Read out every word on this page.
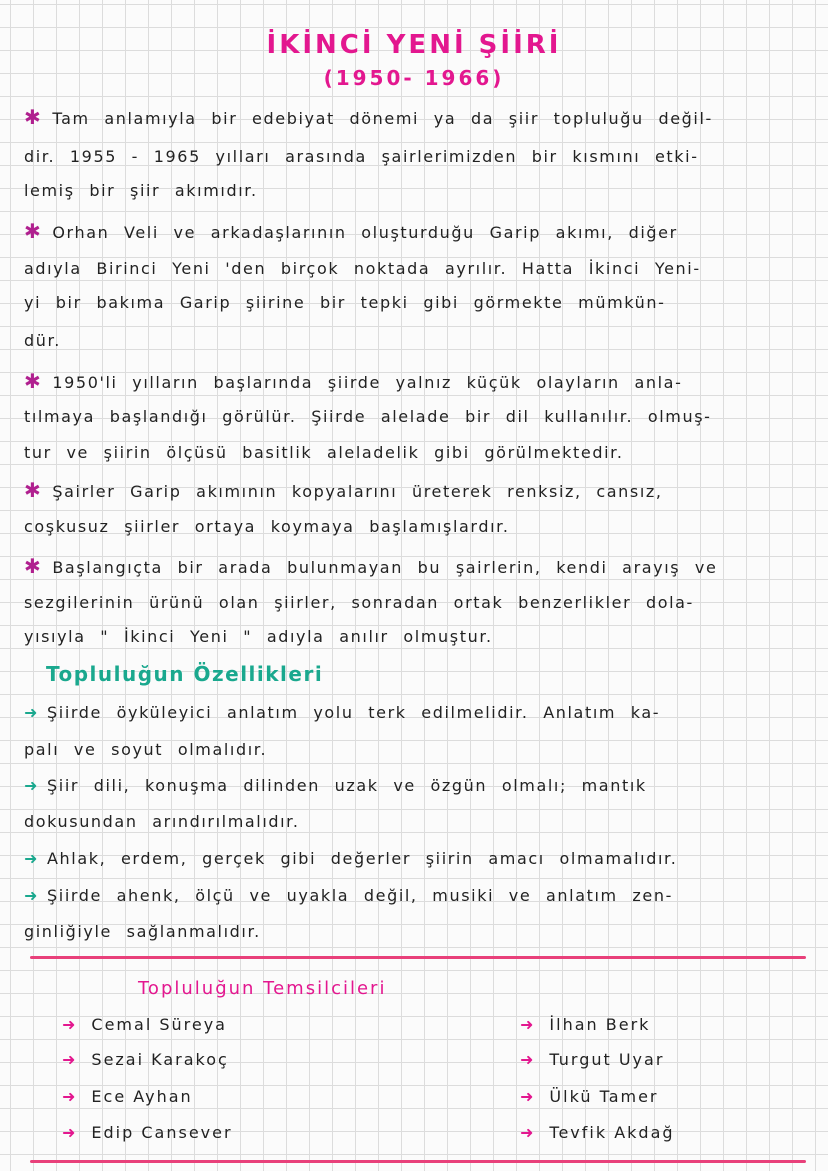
İKİNCİ YENİ ŞİİRİ
(1950- 1966)
✱ Tam anlamıyla bir edebiyat dönemi ya da şiir topluluğu değil-
dir. 1955 - 1965 yılları arasında şairlerimizden bir kısmını etki-
lemiş bir şiir akımıdır.
✱ Orhan Veli ve arkadaşlarının oluşturduğu Garip akımı, diğer
adıyla Birinci Yeni 'den birçok noktada ayrılır. Hatta İkinci Yeni-
yi bir bakıma Garip şiirine bir tepki gibi görmekte mümkün-
dür.
✱ 1950'li yılların başlarında şiirde yalnız küçük olayların anla-
tılmaya başlandığı görülür. Şiirde alelade bir dil kullanılır. olmuş-
tur ve şiirin ölçüsü basitlik aleladelik gibi görülmektedir.
✱ Şairler Garip akımının kopyalarını üreterek renksiz, cansız,
coşkusuz şiirler ortaya koymaya başlamışlardır.
✱ Başlangıçta bir arada bulunmayan bu şairlerin, kendi arayış ve
sezgilerinin ürünü olan şiirler, sonradan ortak benzerlikler dola-
yısıyla " İkinci Yeni " adıyla anılır olmuştur.
Topluluğun Özellikleri
➜ Şiirde öyküleyici anlatım yolu terk edilmelidir. Anlatım ka-
palı ve soyut olmalıdır.
➜ Şiir dili, konuşma dilinden uzak ve özgün olmalı; mantık
dokusundan arındırılmalıdır.
➜ Ahlak, erdem, gerçek gibi değerler şiirin amacı olmamalıdır.
➜ Şiirde ahenk, ölçü ve uyakla değil, musiki ve anlatım zen-
ginliğiyle sağlanmalıdır.
Topluluğun Temsilcileri
➜ Cemal Süreya
➜ Sezai Karakoç
➜ Ece Ayhan
➜ Edip Cansever
➜ İlhan Berk
➜ Turgut Uyar
➜ Ülkü Tamer
➜ Tevfik Akdağ
